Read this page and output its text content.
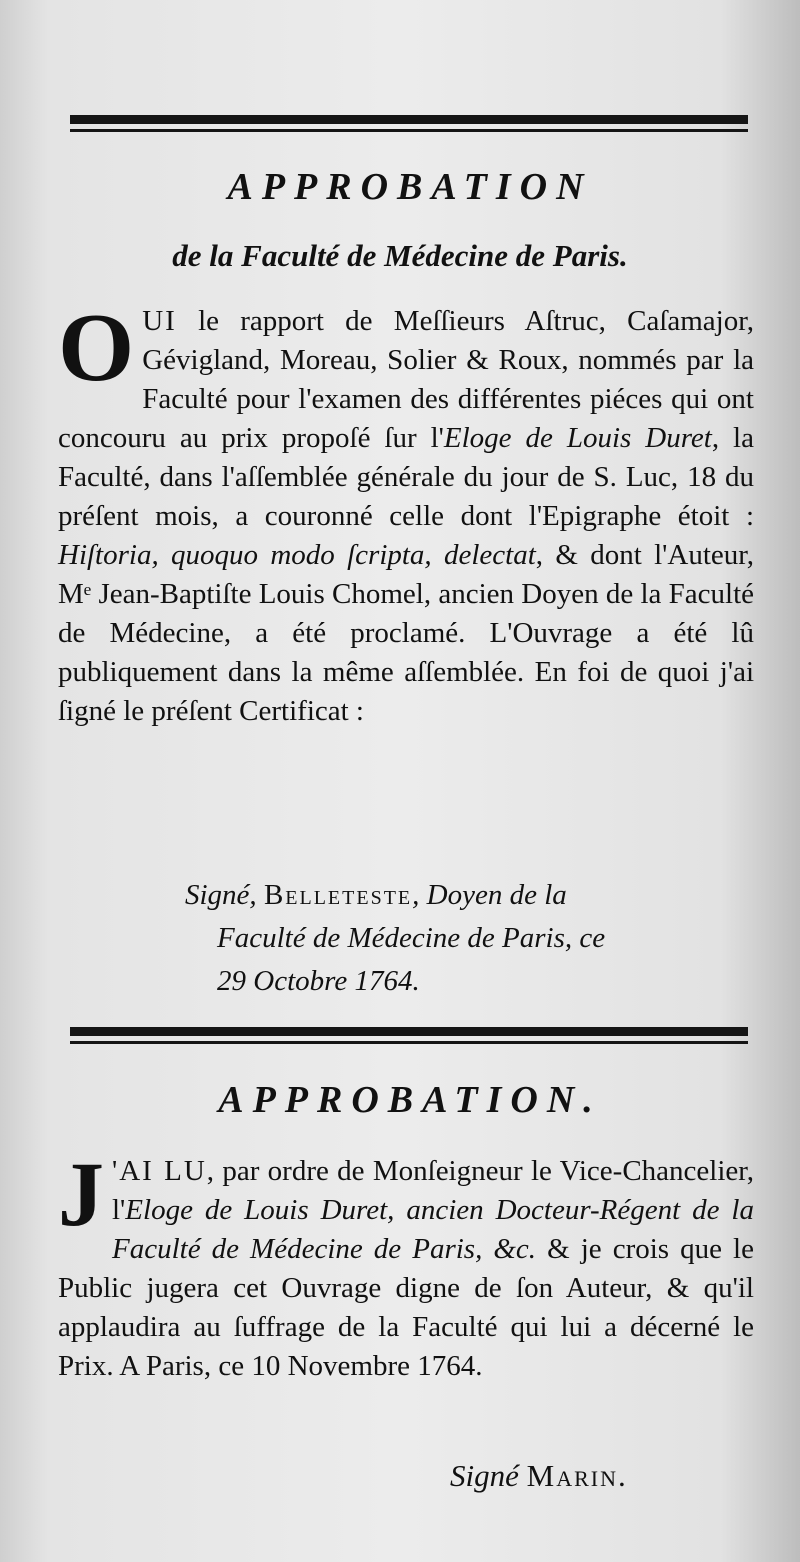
APPROBATION
de la Faculté de Médecine de Paris.
OUI le rapport de Meſſieurs Aſtruc, Caſamajor, Gévigland, Moreau, Solier & Roux, nommés par la Faculté pour l'examen des différentes piéces qui ont concouru au prix propoſé ſur l'Eloge de Louis Duret, la Faculté, dans l'aſſemblée générale du jour de S. Luc, 18 du préſent mois, a couronné celle dont l'Epigraphe étoit : Hiſtoria, quoquo modo ſcripta, delectat, & dont l'Auteur, Mᵉ Jean-Baptiſte Louis Chomel, ancien Doyen de la Faculté de Médecine, a été proclamé. L'Ouvrage a été lû publiquement dans la même aſſemblée. En foi de quoi j'ai ſigné le préſent Certificat :
Signé, Belleteste, Doyen de la
Faculté de Médecine de Paris, ce
29 Octobre 1764.
APPROBATION.
J 'AI LU, par ordre de Monſeigneur le Vice-Chancelier, l'Eloge de Louis Duret, ancien Docteur-Régent de la Faculté de Médecine de Paris, &c. & je crois que le Public jugera cet Ouvrage digne de ſon Auteur, & qu'il applaudira au ſuffrage de la Faculté qui lui a décerné le Prix. A Paris, ce 10 Novembre 1764.
Signé Marin.
